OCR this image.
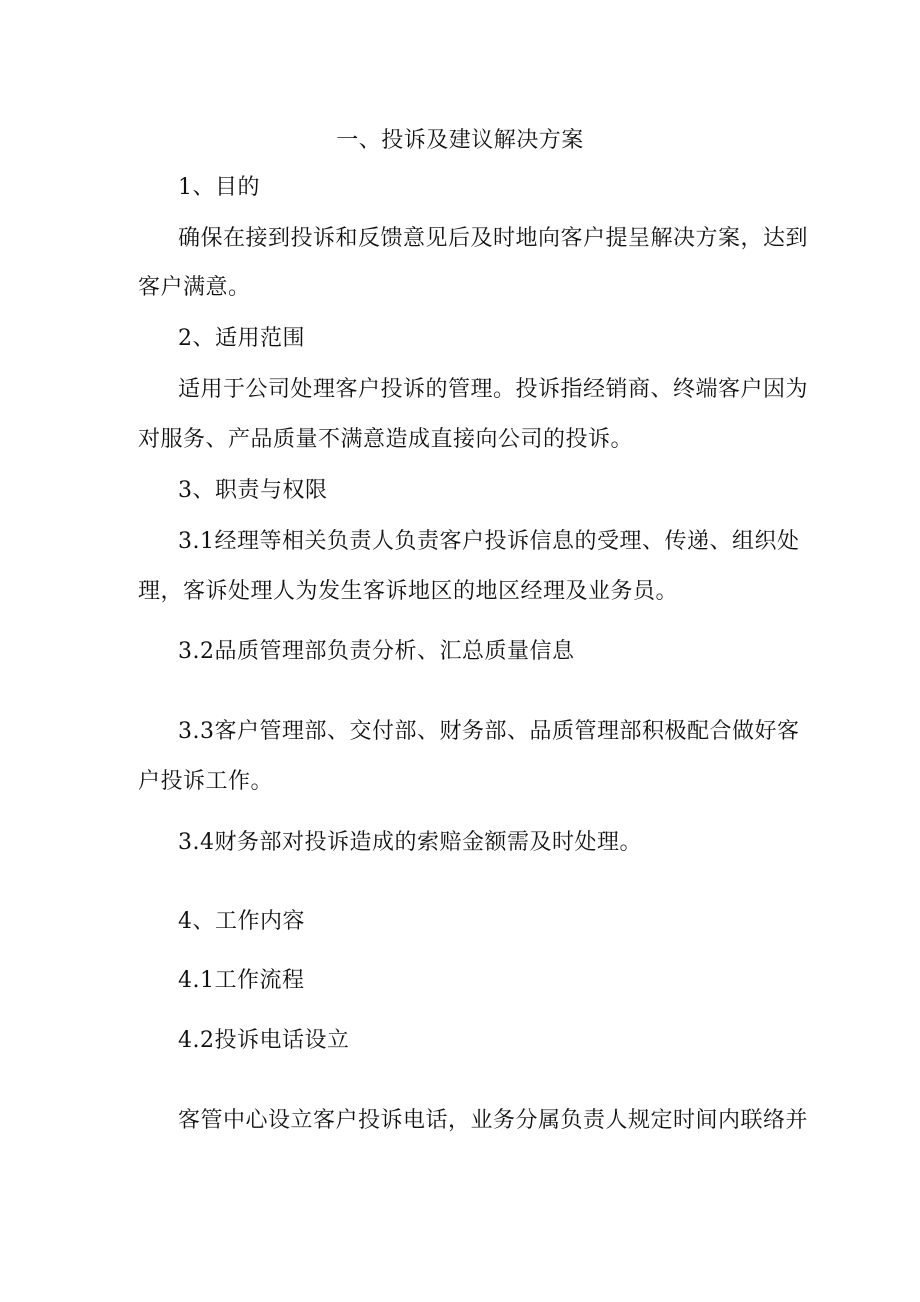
一、投诉及建议解决方案
1、目的
确保在接到投诉和反馈意见后及时地向客户提呈解决方案，达到
客户满意。
2、适用范围
适用于公司处理客户投诉的管理。投诉指经销商、终端客户因为
对服务、产品质量不满意造成直接向公司的投诉。
3、职责与权限
3.1经理等相关负责人负责客户投诉信息的受理、传递、组织处
理，客诉处理人为发生客诉地区的地区经理及业务员。
3.2品质管理部负责分析、汇总质量信息
3.3客户管理部、交付部、财务部、品质管理部积极配合做好客
户投诉工作。
3.4财务部对投诉造成的索赔金额需及时处理。
4、工作内容
4.1工作流程
4.2投诉电话设立
客管中心设立客户投诉电话，业务分属负责人规定时间内联络并
